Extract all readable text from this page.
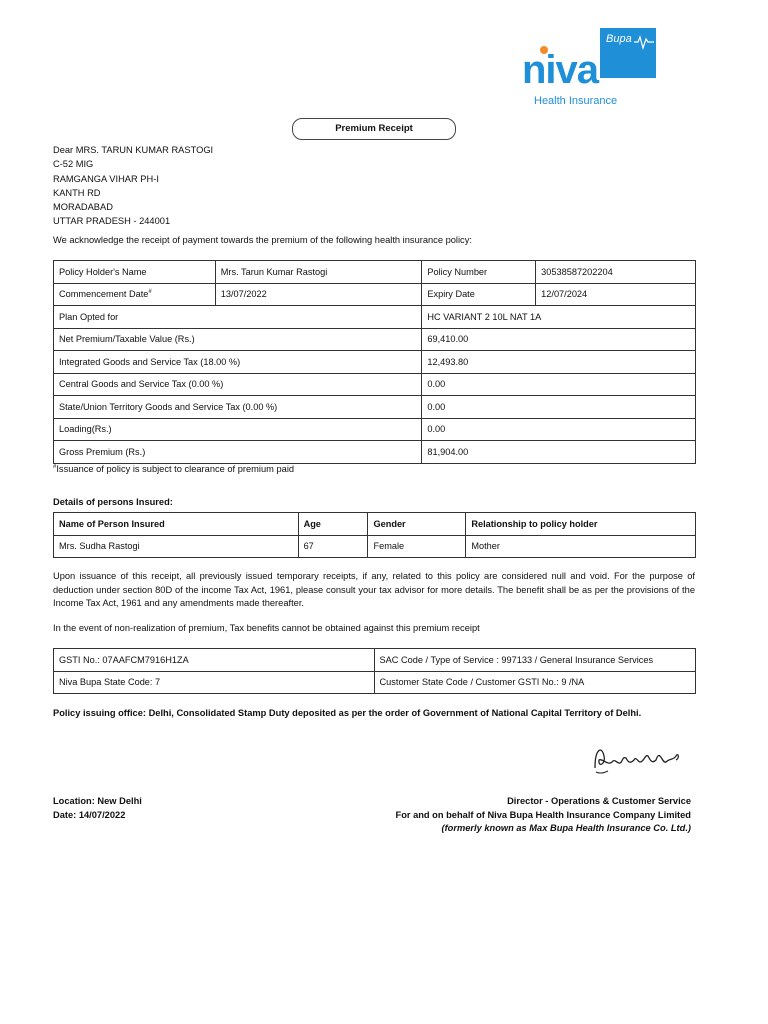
Bupa
niva
Health Insurance
Premium Receipt
Dear MRS. TARUN KUMAR RASTOGI
C-52 MIG
RAMGANGA VIHAR PH-I
KANTH RD
MORADABAD
UTTAR PRADESH - 244001
We acknowledge the receipt of payment towards the premium of the following health insurance policy:
Policy Holder's Name	Mrs. Tarun Kumar Rastogi	Policy Number	30538587202204
Commencement Date#	13/07/2022	Expiry Date	12/07/2024
Plan Opted for		HC VARIANT 2 10L NAT 1A	
Net Premium/Taxable Value (Rs.)		69,410.00	
Integrated Goods and Service Tax (18.00 %)		12,493.80	
Central Goods and Service Tax (0.00 %)		0.00	
State/Union Territory Goods and Service Tax (0.00 %)		0.00	
Loading(Rs.)		0.00	
Gross Premium (Rs.)		81,904.00	
#Issuance of policy is subject to clearance of premium paid
Details of persons Insured:
Name of Person Insured	Age	Gender	Relationship to policy holder
Mrs. Sudha Rastogi	67	Female	Mother
Upon issuance of this receipt, all previously issued temporary receipts, if any, related to this policy are considered null and void. For the purpose of deduction under section 80D of the income Tax Act, 1961, please consult your tax advisor for more details. The benefit shall be as per the provisions of the Income Tax Act, 1961 and any amendments made thereafter.
In the event of non-realization of premium, Tax benefits cannot be obtained against this premium receipt
GSTI No.: 07AAFCM7916H1ZA	SAC Code / Type of Service : 997133 / General Insurance Services
Niva Bupa State Code: 7	Customer State Code / Customer GSTI No.: 9 /NA
Policy issuing office: Delhi, Consolidated Stamp Duty deposited as per the order of Government of National Capital Territory of Delhi.
Location: New Delhi
Date: 14/07/2022
Director - Operations & Customer Service
For and on behalf of Niva Bupa Health Insurance Company Limited
(formerly known as Max Bupa Health Insurance Co. Ltd.)
